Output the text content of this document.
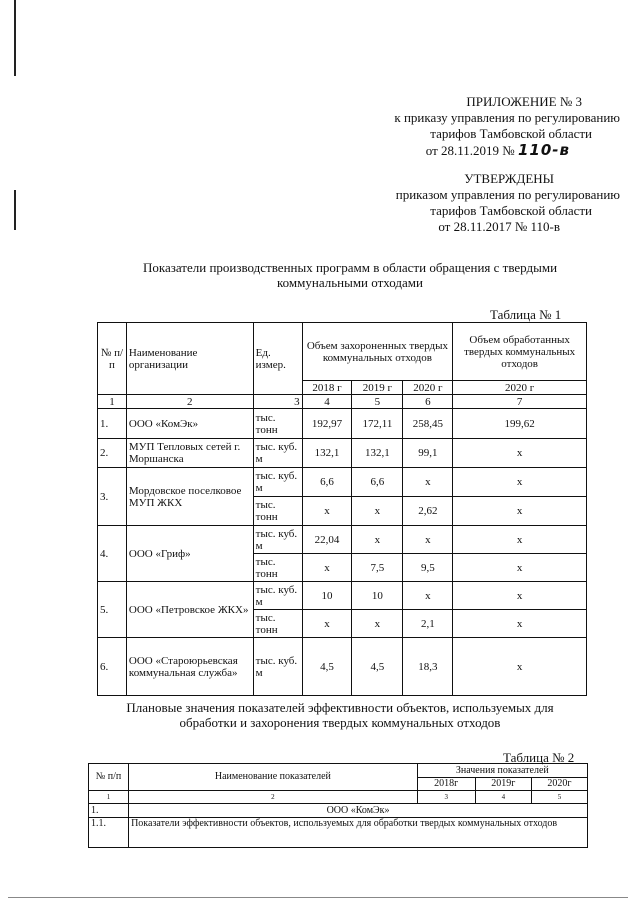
ПРИЛОЖЕНИЕ № 3
к приказу управления по регулированию
тарифов Тамбовской области
от 28.11.2019 № 110-в
УТВЕРЖДЕНЫ
приказом управления по регулированию
тарифов Тамбовской области
от 28.11.2017 № 110-в
Показатели производственных программ в области обращения с твердыми
коммунальными отходами
Таблица № 1
№ п/п	Наименование организации	Ед. измер.	Объем захороненных твердых коммунальных отходов			Объем обработанных твердых коммунальных отходов
			2018 г	2019 г	2020 г	2020 г
1	2	3	4	5	6	7
1.	ООО «КомЭк»	тыс. тонн	192,97	172,11	258,45	199,62
2.	МУП Тепловых сетей г. Моршанска	тыс. куб. м	132,1	132,1	99,1	x
3.	Мордовское поселковое МУП ЖКХ	тыс. куб. м	6,6	6,6	x	x
		тыс. тонн	x	x	2,62	x
4.	ООО «Гриф»	тыс. куб. м	22,04	x	x	x
		тыс. тонн	x	7,5	9,5	x
5.	ООО «Петровское ЖКХ»	тыс. куб. м	10	10	x	x
		тыс. тонн	x	x	2,1	x
6.	ООО «Староюрьевская коммунальная служба»	тыс. куб. м	4,5	4,5	18,3	x
Плановые значения показателей эффективности объектов, используемых для
обработки и захоронения твердых коммунальных отходов
Таблица № 2
№ п/п	Наименование показателей	Значения показателей		
		2018г	2019г	2020г
1	2	3	4	5
1.	ООО «КомЭк»			
1.1.	Показатели эффективности объектов, используемых для обработки твердых коммунальных отходов			
